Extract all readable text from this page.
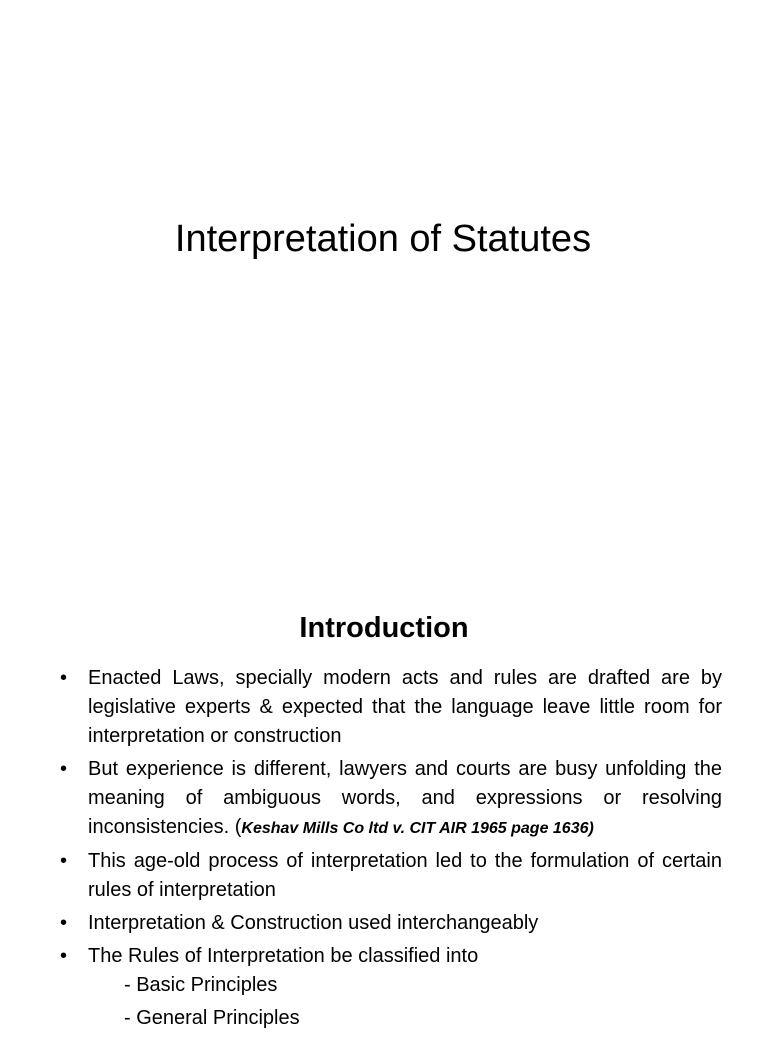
Interpretation of Statutes
Introduction
• Enacted Laws, specially modern acts and rules are drafted are by legislative experts & expected that the language leave little room for interpretation or construction
• But experience is different, lawyers and courts are busy unfolding the meaning of ambiguous words, and expressions or resolving inconsistencies. (Keshav Mills Co ltd v. CIT AIR 1965 page 1636)
• This age-old process of interpretation led to the formulation of certain rules of interpretation
• Interpretation & Construction used interchangeably
• The Rules of Interpretation be classified into
- Basic Principles
- General Principles
